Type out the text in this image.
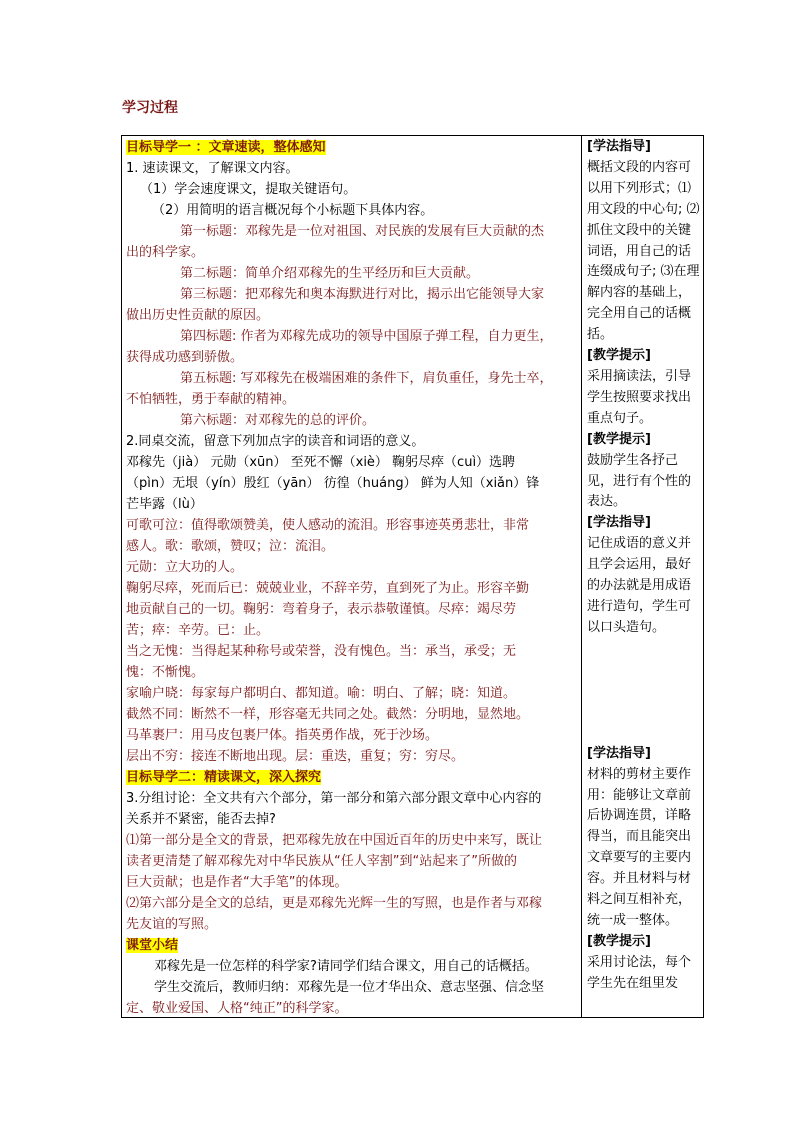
学习过程

目标导学一 ：文章速读，整体感知

1. 速读课文，了解课文内容。

（1）学会速度课文，提取关键语句。

（2）用简明的语言概况每个小标题下具体内容。

第一标题：邓稼先是一位对祖国、对民族的发展有巨大贡献的杰

出的科学家。

第二标题：简单介绍邓稼先的生平经历和巨大贡献。

第三标题：把邓稼先和奥本海默进行对比，揭示出它能领导大家

做出历史性贡献的原因。

第四标题: 作者为邓稼先成功的领导中国原子弹工程，自力更生，

获得成功感到骄傲。

第五标题: 写邓稼先在极端困难的条件下，肩负重任，身先士卒，

不怕牺牲，勇于奉献的精神。

第六标题：对邓稼先的总的评价。

2.同桌交流，留意下列加点字的读音和词语的意义。

邓稼先（jià） 元勋（xūn） 至死不懈（xiè） 鞠躬尽瘁（cuì）选聘

（pìn）无垠（yín）殷红（yān） 彷徨（huáng） 鲜为人知（xiǎn）锋

芒毕露（lù）

可歌可泣：值得歌颂赞美，使人感动的流泪。形容事迹英勇悲壮，非常

感人。歌：歌颂，赞叹；泣：流泪。

元勋：立大功的人。

鞠躬尽瘁，死而后已：兢兢业业，不辞辛劳，直到死了为止。形容辛勤

地贡献自己的一切。鞠躬：弯着身子，表示恭敬谨慎。尽瘁：竭尽劳

苦；瘁：辛劳。已：止。

当之无愧：当得起某种称号或荣誉，没有愧色。当：承当，承受；无

愧：不惭愧。

家喻户晓：每家每户都明白、都知道。喻：明白、了解；晓：知道。

截然不同：断然不一样，形容毫无共同之处。截然：分明地，显然地。

马革裹尸：用马皮包裹尸体。指英勇作战，死于沙场。

层出不穷：接连不断地出现。层：重迭，重复；穷：穷尽。

目标导学二：精读课文，深入探究

3.分组讨论：全文共有六个部分，第一部分和第六部分跟文章中心内容的

关系并不紧密，能否去掉?

⑴第一部分是全文的背景，把邓稼先放在中国近百年的历史中来写，既让

读者更清楚了解邓稼先对中华民族从“任人宰割”到“站起来了”所做的

巨大贡献；也是作者“大手笔”的体现。

⑵第六部分是全文的总结，更是邓稼先光辉一生的写照，也是作者与邓稼

先友谊的写照。

课堂小结

邓稼先是一位怎样的科学家?请同学们结合课文，用自己的话概括。

学生交流后，教师归纳：邓稼先是一位才华出众、意志坚强、信念坚

定、敬业爱国、人格“纯正”的科学家。

[学法指导]

概括文段的内容可以用下列形式；⑴用文段的中心句; ⑵抓住文段中的关键词语，用自己的话连缀成句子; ⑶在理解内容的基础上，完全用自己的话概括。

[教学提示]

采用摘读法，引导学生按照要求找出重点句子。

[教学提示]

鼓励学生各抒己见，进行有个性的表达。

[学法指导]

记住成语的意义并且学会运用，最好的办法就是用成语进行造句，学生可以口头造句。

[学法指导]

材料的剪材主要作用：能够让文章前后协调连贯，详略得当，而且能突出文章要写的主要内容。并且材料与材料之间互相补充，统一成一整体。

[教学提示]

采用讨论法，每个学生先在组里发
